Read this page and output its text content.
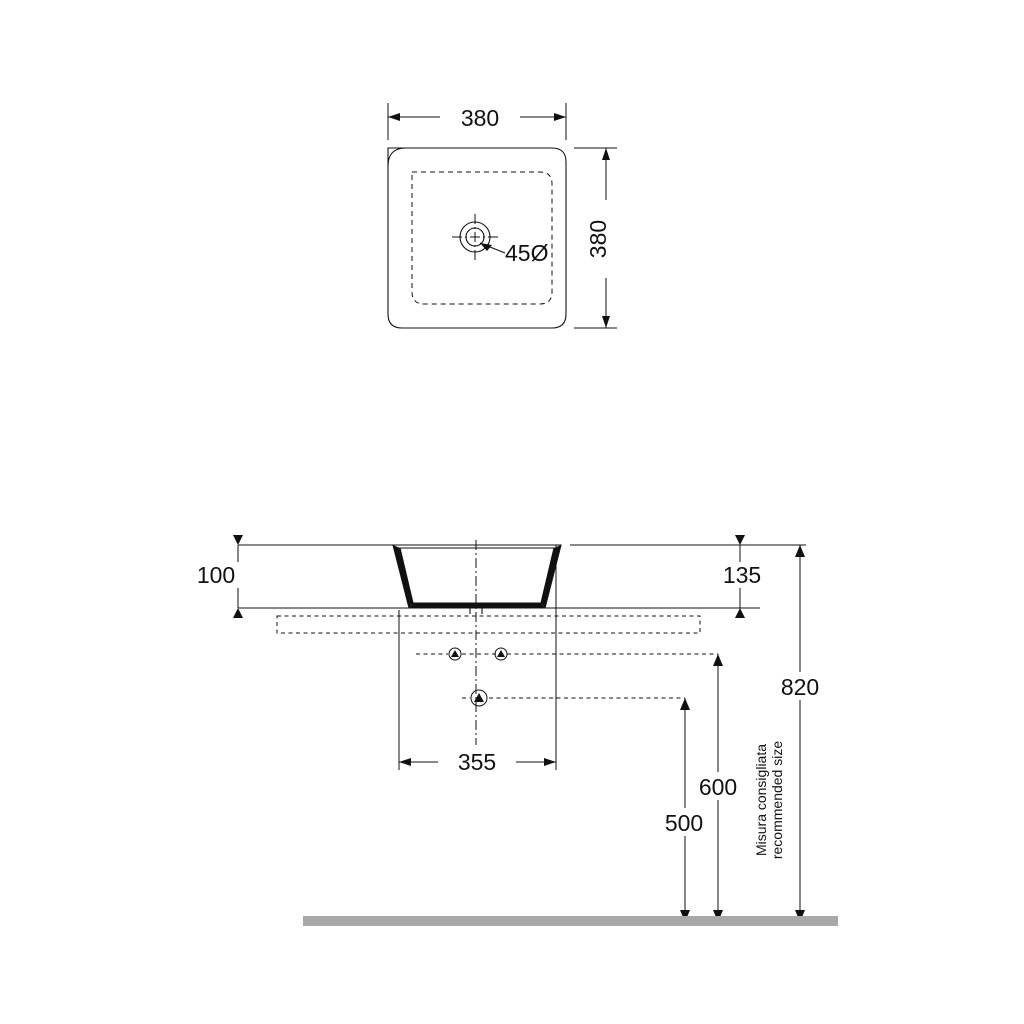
45Ø
380
380
100	135
355
820
600
500	Misura consigliata recommended size
